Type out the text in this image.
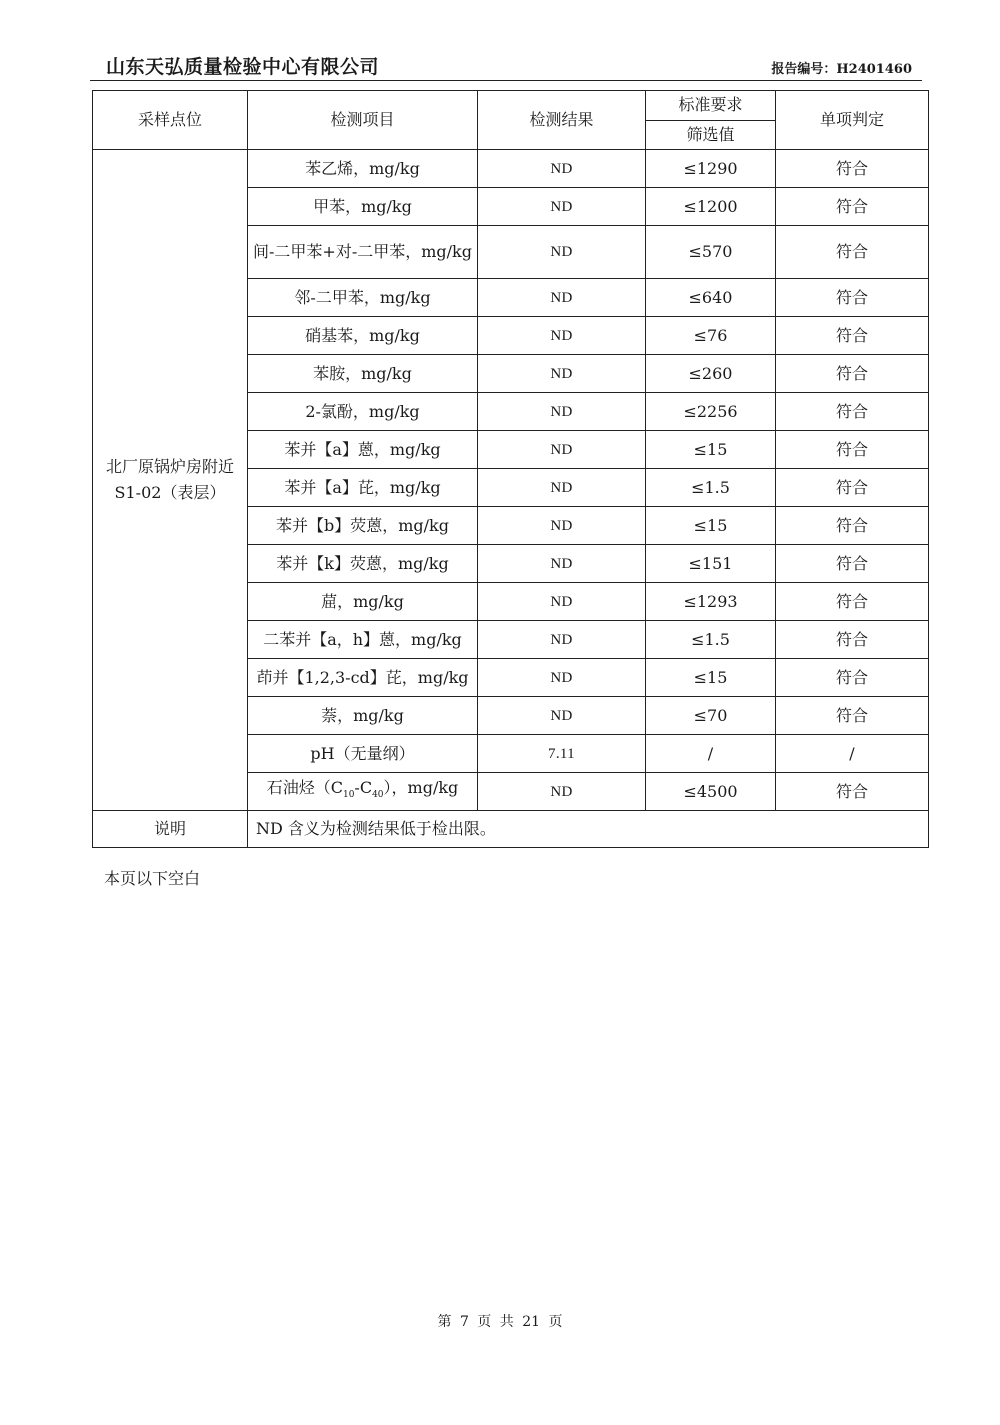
山东天弘质量检验中心有限公司	报告编号：H2401460
采样点位	检测项目	检测结果	标准要求	单项判定
			筛选值	
北厂原锅炉房附近S1-02（表层）	苯乙烯，mg/kg	ND	≤1290	符合
	甲苯，mg/kg	ND	≤1200	符合
	间-二甲苯+对-二甲苯，mg/kg	ND	≤570	符合
	邻-二甲苯，mg/kg	ND	≤640	符合
	硝基苯，mg/kg	ND	≤76	符合
	苯胺，mg/kg	ND	≤260	符合
	2-氯酚，mg/kg	ND	≤2256	符合
	苯并【a】蒽，mg/kg	ND	≤15	符合
	苯并【a】芘，mg/kg	ND	≤1.5	符合
	苯并【b】荧蒽，mg/kg	ND	≤15	符合
	苯并【k】荧蒽，mg/kg	ND	≤151	符合
	䓛，mg/kg	ND	≤1293	符合
	二苯并【a，h】蒽，mg/kg	ND	≤1.5	符合
	茚并【1,2,3-cd】芘，mg/kg	ND	≤15	符合
	萘，mg/kg	ND	≤70	符合
	pH（无量纲）	7.11	/	/
	石油烃$(C_{10}-C_{40})$，mg/kg	ND	≤4500	符合
说明	ND 含义为检测结果低于检出限。			
本页以下空白
第 7 页 共 21 页
